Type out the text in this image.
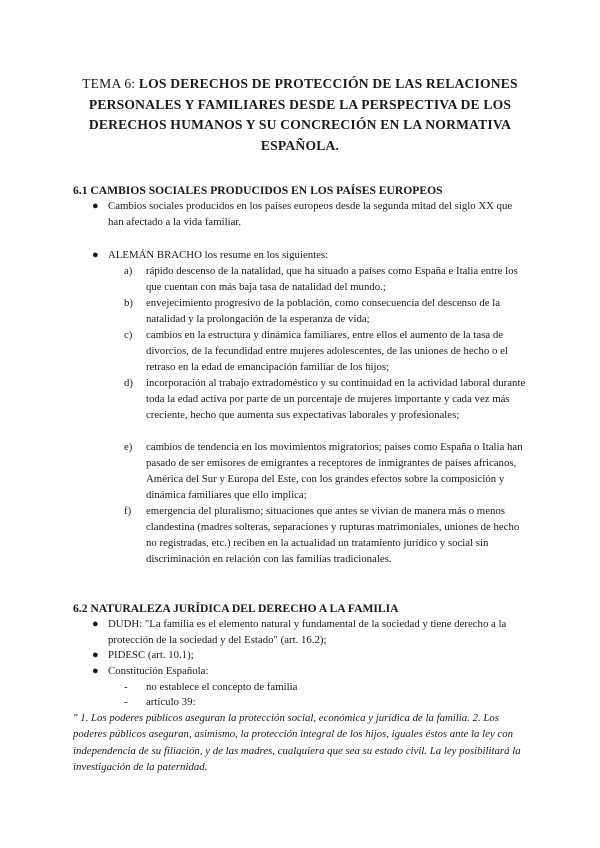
TEMA 6: LOS DERECHOS DE PROTECCIÓN DE LAS RELACIONES PERSONALES Y FAMILIARES DESDE LA PERSPECTIVA DE LOS DERECHOS HUMANOS Y SU CONCRECIÓN EN LA NORMATIVA ESPAÑOLA.
6.1 CAMBIOS SOCIALES PRODUCIDOS EN LOS PAÍSES EUROPEOS
● Cambios sociales producidos en los países europeos desde la segunda mitad del siglo XX que han afectado a la vida familiar.
● ALEMÁN BRACHO los resume en los siguientes:
a)	rápido descenso de la natalidad, que ha situado a países como España e Italia entre los que cuentan con más baja tasa de natalidad del mundo.;
b)	envejecimiento progresivo de la población, como consecuencia del descenso de la natalidad y la prolongación de la esperanza de vida;
c)	cambios en la estructura y dinámica familiares, entre ellos el aumento de la tasa de divorcios, de la fecundidad entre mujeres adolescentes, de las uniones de hecho o el retraso en la edad de emancipación familiar de los hijos;
d)	incorporación al trabajo extradoméstico y su continuidad en la actividad laboral durante toda la edad activa por parte de un porcentaje de mujeres importante y cada vez más creciente, hecho que aumenta sus expectativas laborales y profesionales;
e)	cambios de tendencia en los movimientos migratorios; países como España o Italia han pasado de ser emisores de emigrantes a receptores de inmigrantes de países africanos, América del Sur y Europa del Este, con los grandes efectos sobre la composición y dinámica familiares que ello implica;
f)	emergencia del pluralismo; situaciones que antes se vivían de manera más o menos clandestina (madres solteras, separaciones y rupturas matrimoniales, uniones de hecho no registradas, etc.) reciben en la actualidad un tratamiento jurídico y social sin discriminación en relación con las familias tradicionales.
6.2 NATURALEZA JURÍDICA DEL DERECHO A LA FAMILIA
● DUDH: "La familia es el elemento natural y fundamental de la sociedad y tiene derecho a la protección de la sociedad y del Estado" (art. 16.2);
● PIDESC (art. 10.1);
● Constitución Española:
- no establece el concepto de familia
- artículo 39:
" 1. Los poderes públicos aseguran la protección social, económica y jurídica de la familia. 2. Los poderes públicos aseguran, asimismo, la protección integral de los hijos, iguales éstos ante la ley con independencia de su filiación, y de las madres, cualquiera que sea su estado civil. La ley posibilitará la investigación de la paternidad.
